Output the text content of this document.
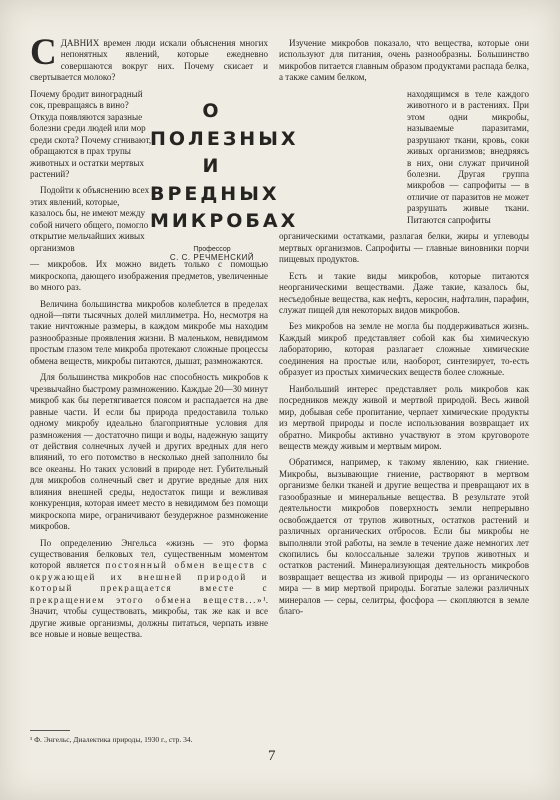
О ПОЛЕЗНЫХ
И ВРЕДНЫХ
МИКРОБАХ
Профессор
С. С. РЕЧМЕНСКИЙ

СДАВНИХ времен люди искали объяснения многих непонятных явлений, которые ежедневно совершаются вокруг них. Почему скисает и свертывается молоко?

Почему бродит виноградный сок, превращаясь в вино? Откуда появляются заразные болезни среди людей или мор среди скота? Почему сгнивают, обращаются в прах трупы животных и остатки мертвых растений?

Подойти к объяснению всех этих явлений, которые, казалось бы, не имеют между собой ничего общего, помогло открытие мельчайших живых организмов

— микробов. Их можно видеть только с помощью микроскопа, дающего изображения предметов, увеличенные во много раз.

Величина большинства микробов колеблется в пределах одной—пяти тысячных долей миллиметра. Но, несмотря на такие ничтожные размеры, в каждом микробе мы находим разнообразные проявления жизни. В маленьком, невидимом простым глазом теле микроба протекают сложные процессы обмена веществ, микробы питаются, дышат, размножаются.

Для большинства микробов нас способность микробов к чрезвычайно быстрому размножению. Каждые 20—30 минут микроб как бы перетягивается поясом и распадается на две равные части. И если бы природа предоставила только одному микробу идеально благоприятные условия для размножения — достаточно пищи и воды, надежную защиту от действия солнечных лучей и других вредных для него влияний, то его потомство в несколько дней заполнило бы все океаны. Но таких условий в природе нет. Губительный для микробов солнечный свет и другие вредные для них влияния внешней среды, недостаток пищи и вежливая конкуренция, которая имеет место в невидимом без помощи микроскопа мире, ограничивают безудержное размножение микробов.

По определению Энгельса «жизнь — это форма существования белковых тел, существенным моментом которой является постоянный обмен веществ с окружающей их внешней природой и который прекращается вместе с прекращением этого обмена веществ...»¹. Значит, чтобы существовать, микробы, так же как и все другие живые организмы, должны питаться, черпать извне все новые и новые вещества.

Изучение микробов показало, что вещества, которые они используют для питания, очень разнообразны. Большинство микробов питается главным образом продуктами распада белка, а также самим белком,

находящимся в теле каждого животного и в растениях. При этом одни микробы, называемые паразитами, разрушают ткани, кровь, соки живых организмов; внедряясь в них, они служат причиной болезни. Другая группа микробов — сапрофиты — в отличие от паразитов не может разрушать живые ткани. Питаются сапрофиты

органическими остатками, разлагая белки, жиры и углеводы мертвых организмов. Сапрофиты — главные виновники порчи пищевых продуктов.

Есть и такие виды микробов, которые питаются неорганическими веществами. Даже такие, казалось бы, несъедобные вещества, как нефть, керосин, нафталин, парафин, служат пищей для некоторых видов микробов.

Без микробов на земле не могла бы поддерживаться жизнь. Каждый микроб представляет собой как бы химическую лабораторию, которая разлагает сложные химические соединения на простые или, наоборот, синтезирует, то-есть образует из простых химических веществ более сложные.

Наибольший интерес представляет роль микробов как посредников между живой и мертвой природой. Весь живой мир, добывая себе пропитание, черпает химические продукты из мертвой природы и после использования возвращает их обратно. Микробы активно участвуют в этом круговороте веществ между живым и мертвым миром.

Обратимся, например, к такому явлению, как гниение. Микробы, вызывающие гниение, растворяют в мертвом организме белки тканей и другие вещества и превращают их в газообразные и минеральные вещества. В результате этой деятельности микробов поверхность земли непрерывно освобождается от трупов животных, остатков растений и различных органических отбросов. Если бы микробы не выполняли этой работы, на земле в течение даже немногих лет скопились бы колоссальные залежи трупов животных и остатков растений. Минерализующая деятельность микробов возвращает вещества из живой природы — из органического мира — в мир мертвой природы. Богатые залежи различных минералов — серы, селитры, фосфора — скопляются в земле благо-

¹ Ф. Энгельс, Диалектика природы, 1930 г., стр. 34.
7
